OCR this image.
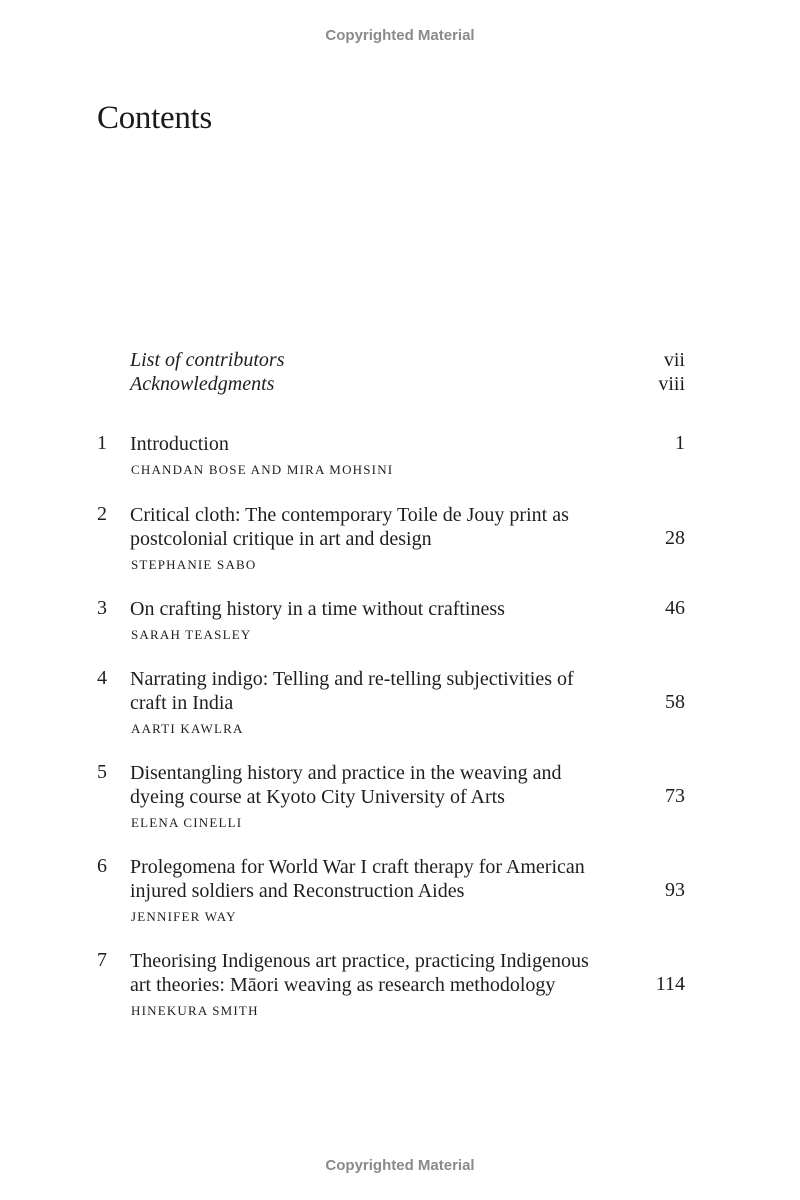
Copyrighted Material
Contents
List of contributors	vii
Acknowledgments	viii
1 Introduction	1
CHANDAN BOSE AND MIRA MOHSINI
2 Critical cloth: The contemporary Toile de Jouy print as
postcolonial critique in art and design	28
STEPHANIE SABO
3 On crafting history in a time without craftiness	46
SARAH TEASLEY
4 Narrating indigo: Telling and re-telling subjectivities of
craft in India	58
AARTI KAWLRA
5 Disentangling history and practice in the weaving and
dyeing course at Kyoto City University of Arts	73
ELENA CINELLI
6 Prolegomena for World War I craft therapy for American
injured soldiers and Reconstruction Aides	93
JENNIFER WAY
7 Theorising Indigenous art practice, practicing Indigenous
art theories: Māori weaving as research methodology	114
HINEKURA SMITH
Copyrighted Material
